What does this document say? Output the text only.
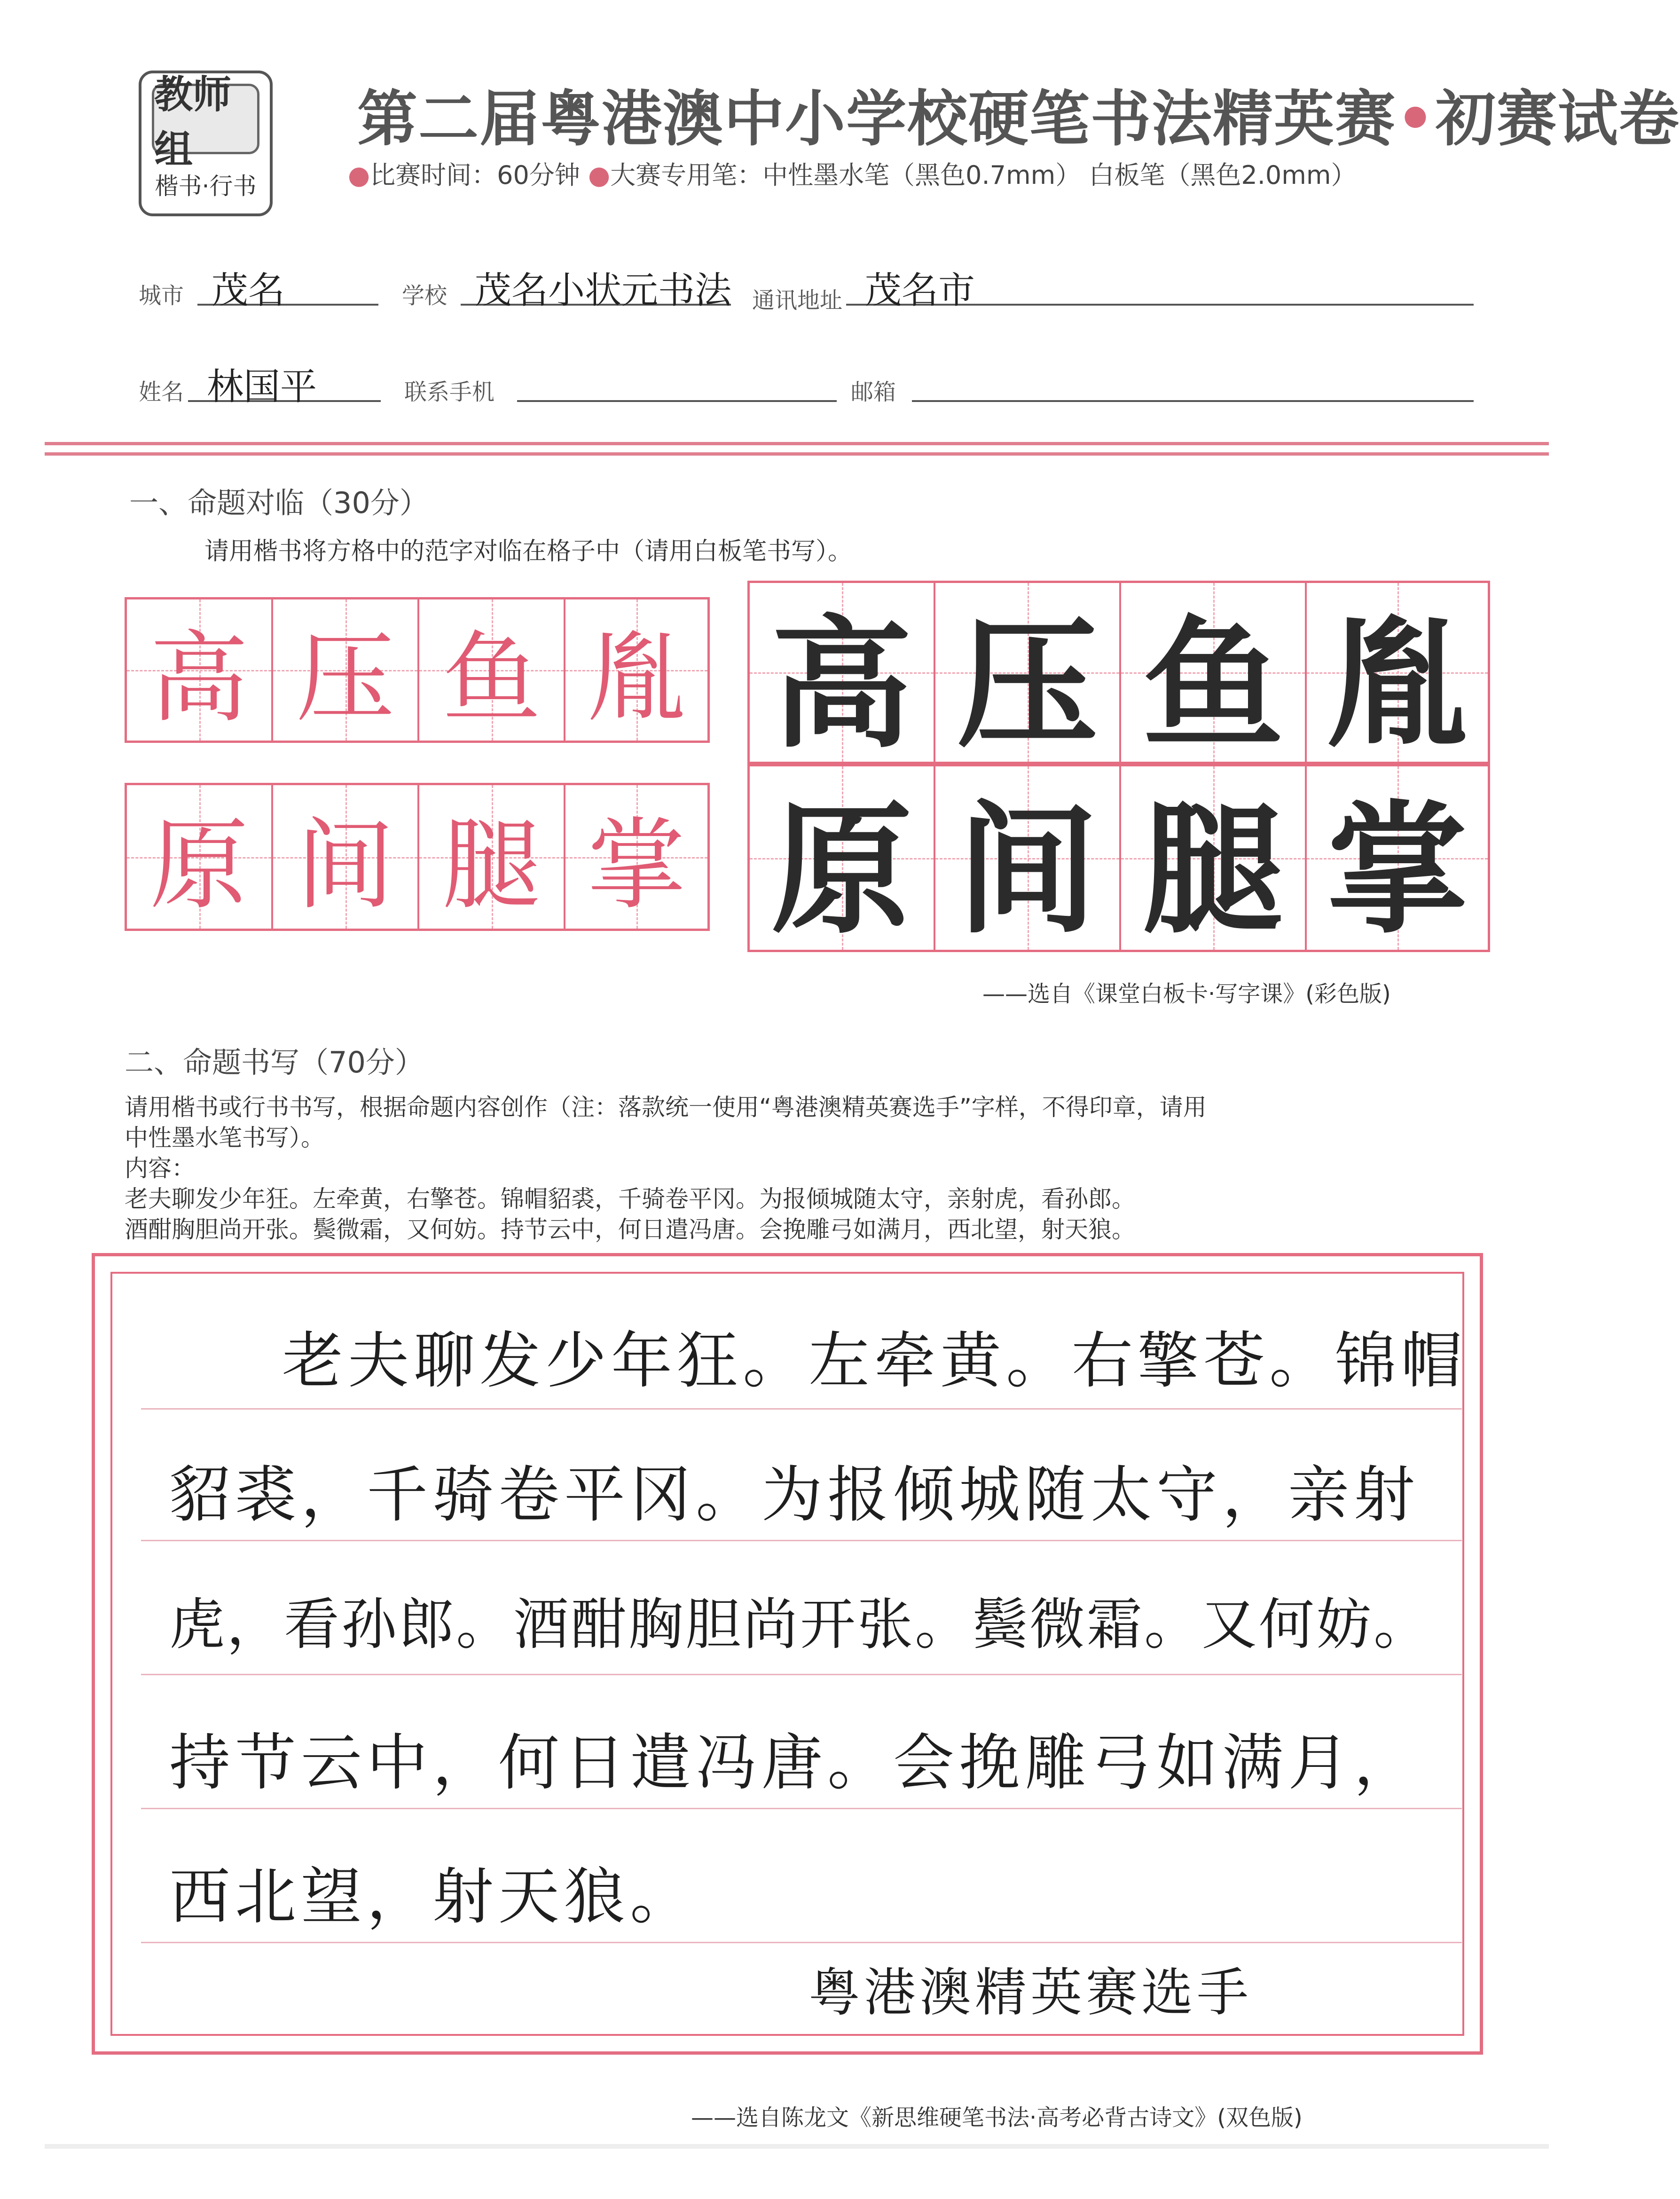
教师组
楷书·行书
第二届粤港澳中小学校硬笔书法精英赛•初赛试卷
●比赛时间：60分钟 ●大赛专用笔：中性墨水笔（黑色0.7mm） 白板笔（黑色2.0mm）
城市 茂名	学校 茂名小状元书法 通讯地址 茂名市
姓名 林国平	联系手机	邮箱
一、命题对临（30分）
请用楷书将方格中的范字对临在格子中（请用白板笔书写）。
高 压 鱼 胤
原 间 腿 掌
高 压 鱼 胤
原 间 腿 掌
——选自《课堂白板卡·写字课》(彩色版)
二、命题书写（70分）
请用楷书或行书书写，根据命题内容创作（注：落款统一使用“粤港澳精英赛选手”字样，不得印章，请用
中性墨水笔书写）。
内容：
老夫聊发少年狂。左牵黄，右擎苍。锦帽貂裘，千骑卷平冈。为报倾城随太守，亲射虎，看孙郎。
酒酣胸胆尚开张。鬓微霜，又何妨。持节云中，何日遣冯唐。会挽雕弓如满月，西北望，射天狼。
老夫聊发少年狂。左牵黄。右擎苍。锦帽
貂裘，千骑卷平冈。为报倾城随太守，亲射
虎，看孙郎。酒酣胸胆尚开张。鬓微霜。又何妨。
持节云中，何日遣冯唐。会挽雕弓如满月，
西北望，射天狼。
粤港澳精英赛选手
——选自陈龙文《新思维硬笔书法·高考必背古诗文》(双色版)
